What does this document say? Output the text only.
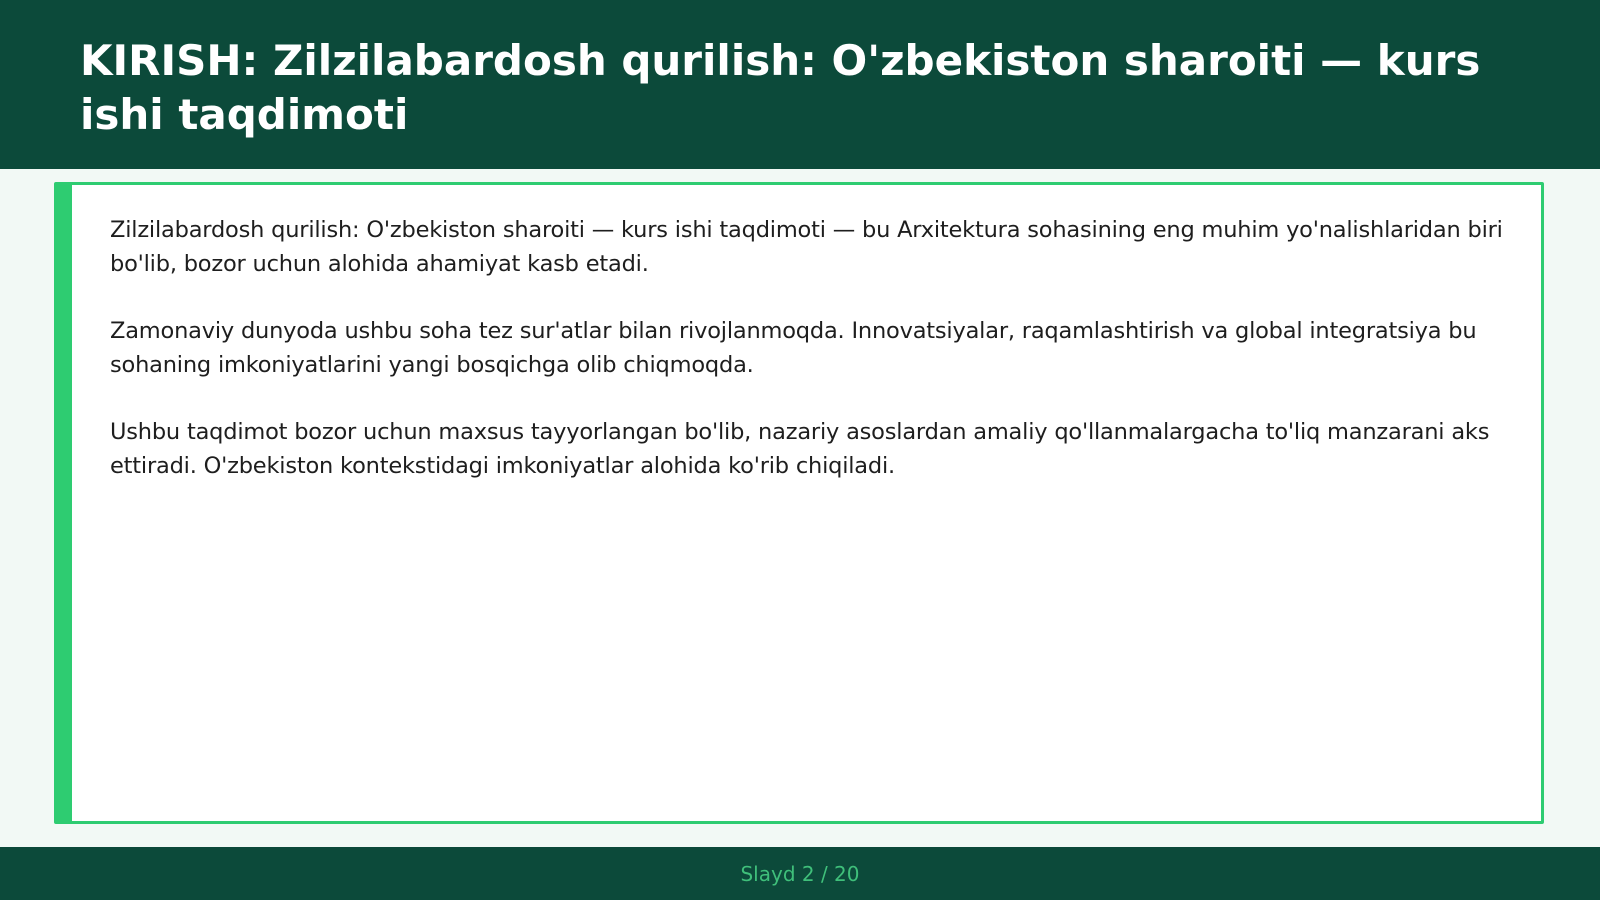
KIRISH: Zilzilabardosh qurilish: O'zbekiston sharoiti — kurs ishi taqdimoti

Zilzilabardosh qurilish: O'zbekiston sharoiti — kurs ishi taqdimoti — bu Arxitektura sohasining eng muhim yo'nalishlaridan biri bo'lib, bozor uchun alohida ahamiyat kasb etadi.

Zamonaviy dunyoda ushbu soha tez sur'atlar bilan rivojlanmoqda. Innovatsiyalar, raqamlashtirish va global integratsiya bu sohaning imkoniyatlarini yangi bosqichga olib chiqmoqda.

Ushbu taqdimot bozor uchun maxsus tayyorlangan bo'lib, nazariy asoslardan amaliy qo'llanmalargacha to'liq manzarani aks ettiradi. O'zbekiston kontekstidagi imkoniyatlar alohida ko'rib chiqiladi.

Slayd 2 / 20
